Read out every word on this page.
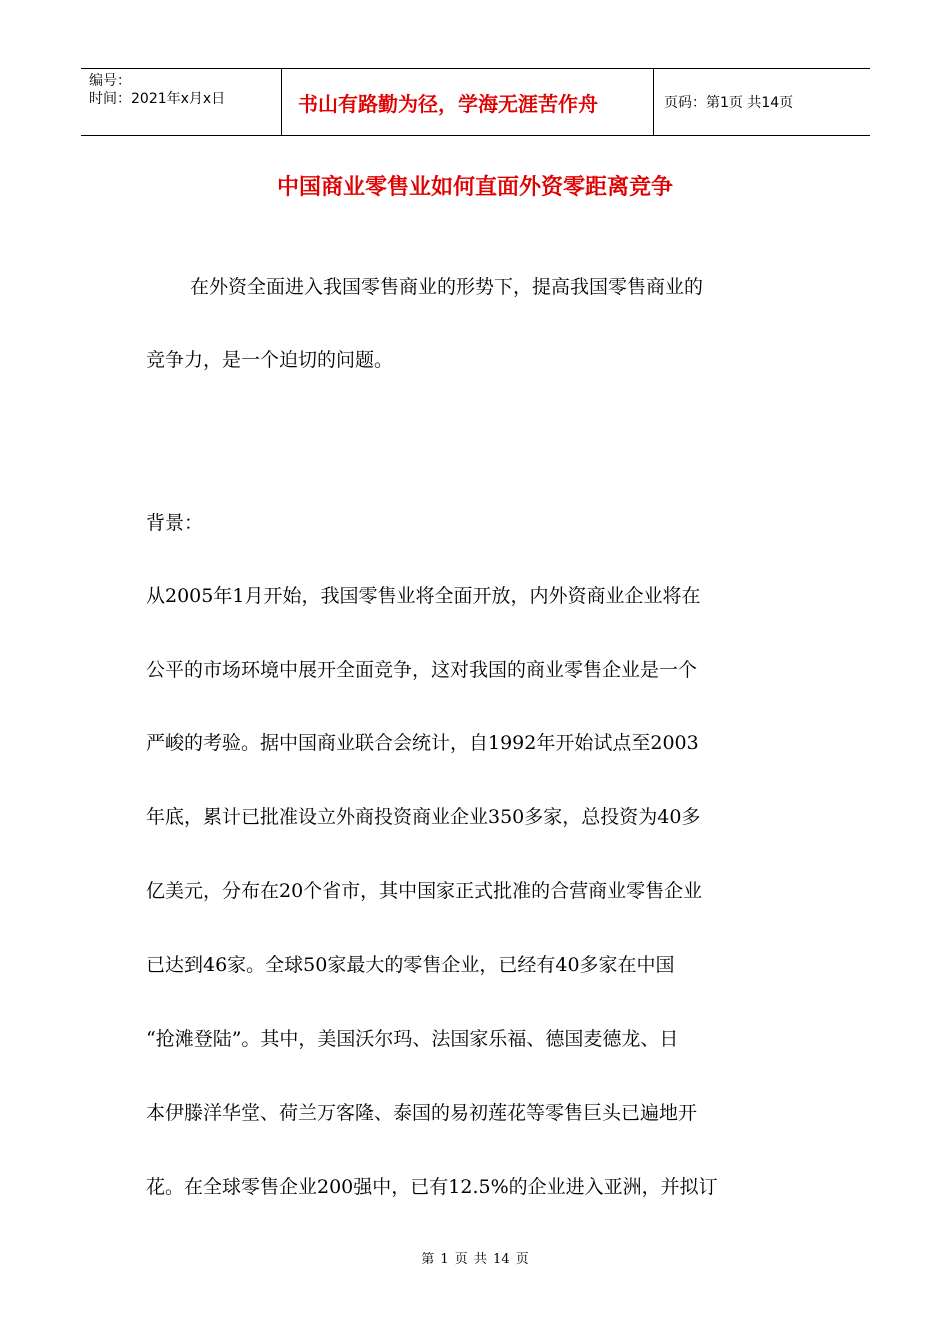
编号：
时间：2021年x月x日	书山有路勤为径，学海无涯苦作舟	页码：第1页 共14页
中国商业零售业如何直面外资零距离竞争

在外资全面进入我国零售商业的形势下，提高我国零售商业的

竞争力，是一个迫切的问题。

背景：

从2005年1月开始，我国零售业将全面开放，内外资商业企业将在

公平的市场环境中展开全面竞争，这对我国的商业零售企业是一个

严峻的考验。据中国商业联合会统计，自1992年开始试点至2003

年底，累计已批准设立外商投资商业企业350多家，总投资为40多

亿美元，分布在20个省市，其中国家正式批准的合营商业零售企业

已达到46家。全球50家最大的零售企业，已经有40多家在中国

“抢滩登陆”。其中，美国沃尔玛、法国家乐福、德国麦德龙、日

本伊滕洋华堂、荷兰万客隆、泰国的易初莲花等零售巨头已遍地开

花。在全球零售企业200强中，已有12.5%的企业进入亚洲，并拟订

第 1 页 共 14 页
